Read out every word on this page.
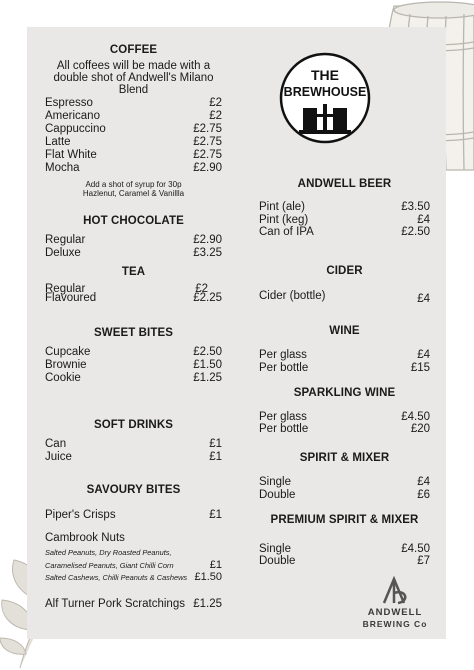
THE
BREWHOUSE
COFFEE
All coffees will be made with a
double shot of Andwell's Milano
Blend
Espresso	£2
Americano	£2
Cappuccino	£2.75
Latte	£2.75
Flat White	£2.75
Mocha	£2.90
Add a shot of syrup for 30p
Hazlenut, Caramel & Vanillla
HOT CHOCOLATE
Regular	£2.90
Deluxe	£3.25
TEA
Regular	£2
Flavoured	£2.25
SWEET BITES
Cupcake	£2.50
Brownie	£1.50
Cookie	£1.25
SOFT DRINKS
Can	£1
Juice	£1
SAVOURY BITES
Piper's Crisps	£1
Cambrook Nuts
Salted Peanuts, Dry Roasted Peanuts,
Caramelised Peanuts, Giant Chilli Corn	£1
Salted Cashews, Chilli Peanuts & Cashews £1.50
Alf Turner Pork Scratchings £1.25
ANDWELL BEER
Pint (ale)	£3.50
Pint (keg)	£4
Can of IPA	£2.50
CIDER
Cider (bottle)	£4
WINE
Per glass	£4
Per bottle	£15
SPARKLING WINE
Per glass	£4.50
Per bottle	£20
SPIRIT & MIXER
Single	£4
Double	£6
PREMIUM SPIRIT & MIXER
Single	£4.50
Double	£7
ANDWELL
BREWING Co
